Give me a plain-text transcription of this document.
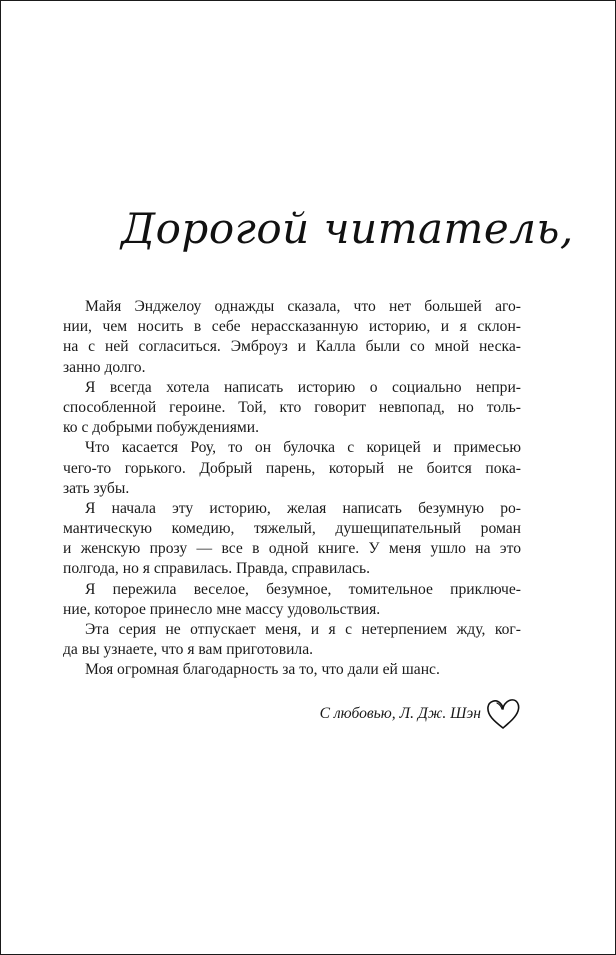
Дорогой читатель,
Майя Энджелоу однажды сказала, что нет большей аго-
нии, чем носить в себе нерассказанную историю, и я склон-
на с ней согласиться. Эмброуз и Калла были со мной неска-
занно долго.
Я всегда хотела написать историю о социально непри-
способленной героине. Той, кто говорит невпопад, но толь-
ко с добрыми побуждениями.
Что касается Роу, то он булочка с корицей и примесью
чего-то горького. Добрый парень, который не боится пока-
зать зубы.
Я начала эту историю, желая написать безумную ро-
мантическую комедию, тяжелый, душещипательный роман
и женскую прозу — все в одной книге. У меня ушло на это
полгода, но я справилась. Правда, справилась.
Я пережила веселое, безумное, томительное приключе-
ние, которое принесло мне массу удовольствия.
Эта серия не отпускает меня, и я с нетерпением жду, ког-
да вы узнаете, что я вам приготовила.
Моя огромная благодарность за то, что дали ей шанс.
С любовью, Л. Дж. Шэн
